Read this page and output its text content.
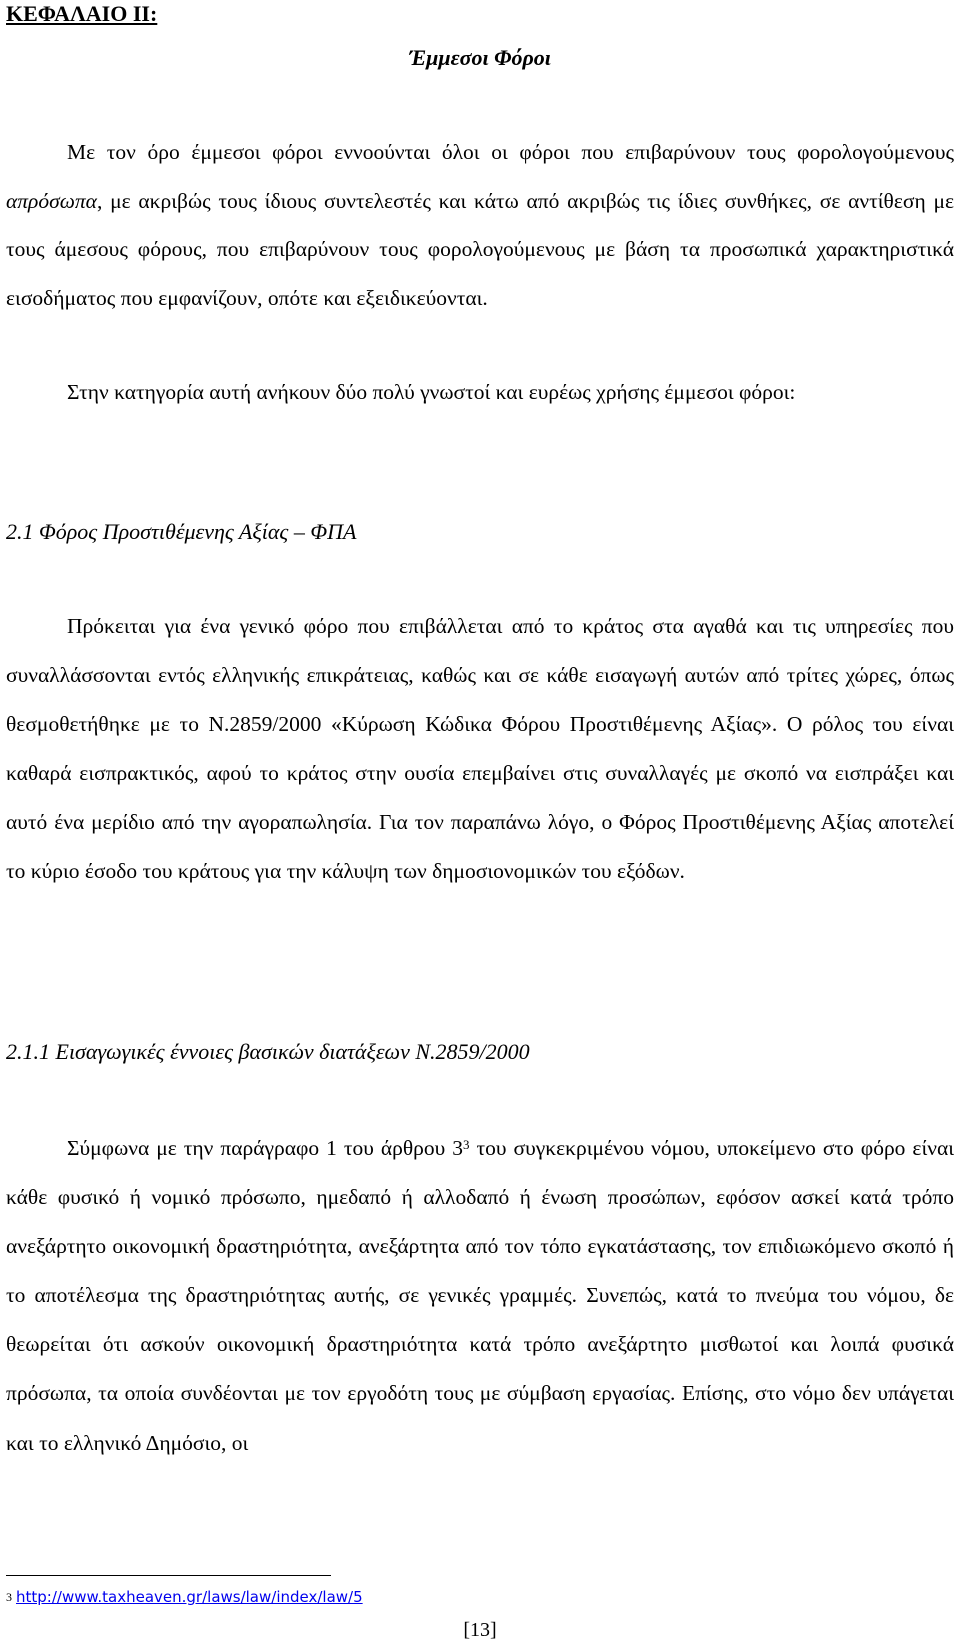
ΚΕΦΑΛΑΙΟ ΙΙ:
Έμμεσοι Φόροι

Με τον όρο έμμεσοι φόροι εννοούνται όλοι οι φόροι που επιβαρύνουν τους φορολογούμενους απρόσωπα, με ακριβώς τους ίδιους συντελεστές και κάτω από ακριβώς τις ίδιες συνθήκες, σε αντίθεση με τους άμεσους φόρους, που επιβαρύνουν τους φορολογούμενους με βάση τα προσωπικά χαρακτηριστικά εισοδήματος που εμφανίζουν, οπότε και εξειδικεύονται.

Στην κατηγορία αυτή ανήκουν δύο πολύ γνωστοί και ευρέως χρήσης έμμεσοι φόροι:

2.1 Φόρος Προστιθέμενης Αξίας – ΦΠΑ

Πρόκειται για ένα γενικό φόρο που επιβάλλεται από το κράτος στα αγαθά και τις υπηρεσίες που συναλλάσσονται εντός ελληνικής επικράτειας, καθώς και σε κάθε εισαγωγή αυτών από τρίτες χώρες, όπως θεσμοθετήθηκε με το Ν.2859/2000 «Κύρωση Κώδικα Φόρου Προστιθέμενης Αξίας». Ο ρόλος του είναι καθαρά εισπρακτικός, αφού το κράτος στην ουσία επεμβαίνει στις συναλλαγές με σκοπό να εισπράξει και αυτό ένα μερίδιο από την αγοραπωλησία. Για τον παραπάνω λόγο, ο Φόρος Προστιθέμενης Αξίας αποτελεί το κύριο έσοδο του κράτους για την κάλυψη των δημοσιονομικών του εξόδων.

2.1.1 Εισαγωγικές έννοιες βασικών διατάξεων Ν.2859/2000

Σύμφωνα με την παράγραφο 1 του άρθρου $3^3$ του συγκεκριμένου νόμου, υποκείμενο στο φόρο είναι κάθε φυσικό ή νομικό πρόσωπο, ημεδαπό ή αλλοδαπό ή ένωση προσώπων, εφόσον ασκεί κατά τρόπο ανεξάρτητο οικονομική δραστηριότητα, ανεξάρτητα από τον τόπο εγκατάστασης, τον επιδιωκόμενο σκοπό ή το αποτέλεσμα της δραστηριότητας αυτής, σε γενικές γραμμές. Συνεπώς, κατά το πνεύμα του νόμου, δε θεωρείται ότι ασκούν οικονομική δραστηριότητα κατά τρόπο ανεξάρτητο μισθωτοί και λοιπά φυσικά πρόσωπα, τα οποία συνδέονται με τον εργοδότη τους με σύμβαση εργασίας. Επίσης, στο νόμο δεν υπάγεται και το ελληνικό Δημόσιο, οι

$^3$ http://www.taxheaven.gr/laws/law/index/law/5
[13]
